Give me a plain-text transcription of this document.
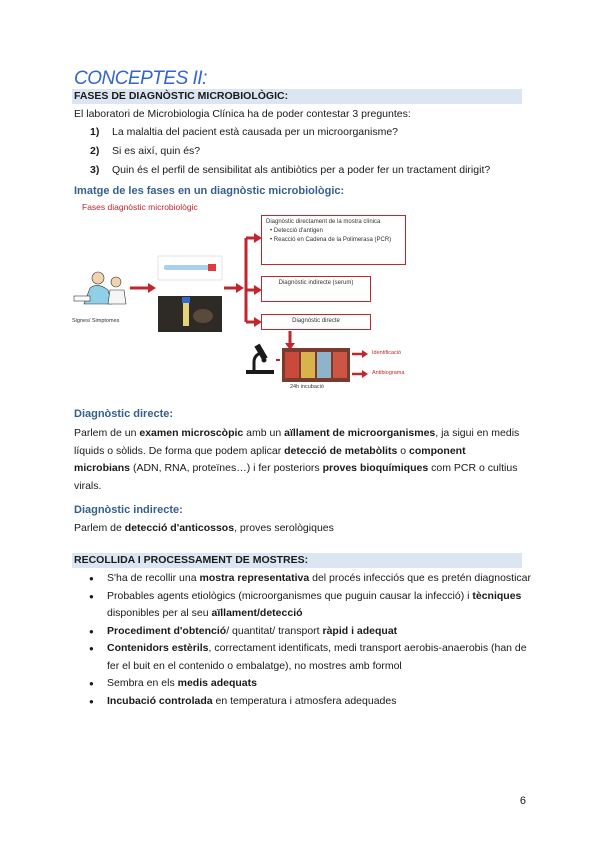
CONCEPTES II:
FASES DE DIAGNÒSTIC MICROBIOLÒGIC:
El laboratori de Microbiologia Clínica ha de poder contestar 3 preguntes:
1) La malaltia del pacient està causada per un microorganisme?
2) Si es així, quin és?
3) Quin és el perfil de sensibilitat als antibiòtics per a poder fer un tractament dirigit?
Imatge de les fases en un diagnòstic microbiològic:
Fases diagnòstic microbiològic
Signes/ Simptomes
Diagnòstic directament de la mostra clínica
• Detecció d'antigen
• Reacció en Cadena de la Polimerasa (PCR)
Diagnòstic indirecte (serum)
Diagnòstic directe
24h incubació
Identificació
Antibiograma
Diagnòstic directe:
Parlem de un examen microscòpic amb un aïllament de microorganismes, ja sigui en medis líquids o sòlids. De forma que podem aplicar detecció de metabòlits o component microbians (ADN, RNA, proteïnes…) i fer posteriors proves bioquímiques com PCR o cultius virals.
Diagnòstic indirecte:
Parlem de detecció d'anticossos, proves serològiques
RECOLLIDA I PROCESSAMENT DE MOSTRES:
● S'ha de recollir una mostra representativa del procés infecciós que es pretén diagnosticar
● Probables agents etiològics (microorganismes que puguin causar la infecció) i tècniques disponibles per al seu aïllament/detecció
● Procediment d'obtenció/ quantitat/ transport ràpid i adequat
● Contenidors estèrils, correctament identificats, medi transport aerobis-anaerobis (han de fer el buit en el contenido o embalatge), no mostres amb formol
● Sembra en els medis adequats
● Incubació controlada en temperatura i atmosfera adequades
6
